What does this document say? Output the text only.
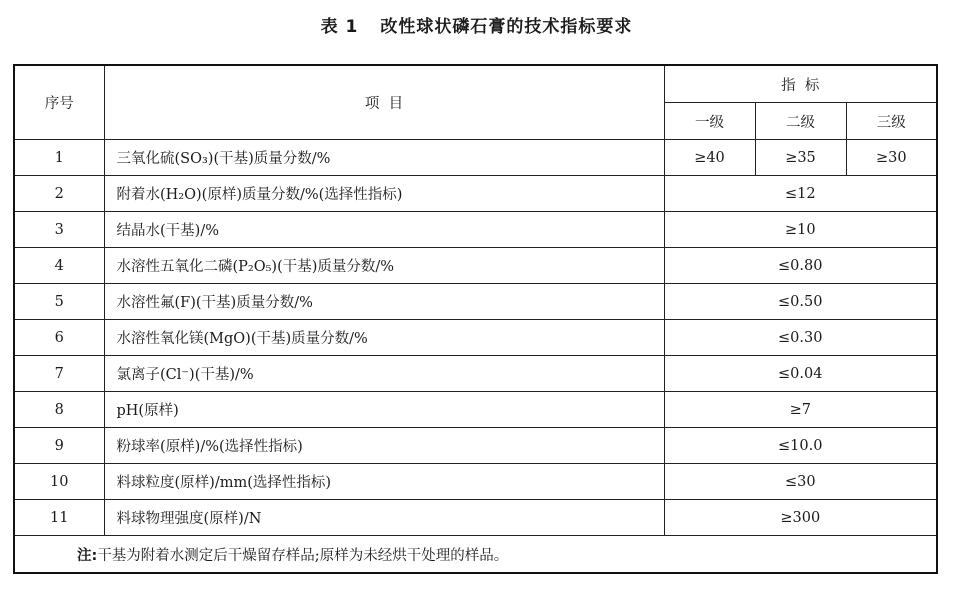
表 1 改性球状磷石膏的技术指标要求
序号	项  目	指  标		
		一级	二级	三级
1	三氧化硫(SO₃)(干基)质量分数/%	≥40	≥35	≥30
2	附着水(H₂O)(原样)质量分数/%(选择性指标)	≤12		
3	结晶水(干基)/%	≥10		
4	水溶性五氧化二磷(P₂O₅)(干基)质量分数/%	≤0.80		
5	水溶性氟(F)(干基)质量分数/%	≤0.50		
6	水溶性氧化镁(MgO)(干基)质量分数/%	≤0.30		
7	氯离子(Cl⁻)(干基)/%	≤0.04		
8	pH(原样)	≥7		
9	粉球率(原样)/%(选择性指标)	≤10.0		
10	料球粒度(原样)/mm(选择性指标)	≤30		
11	料球物理强度(原样)/N	≥300		
注:干基为附着水测定后干燥留存样品;原样为未经烘干处理的样品。				
